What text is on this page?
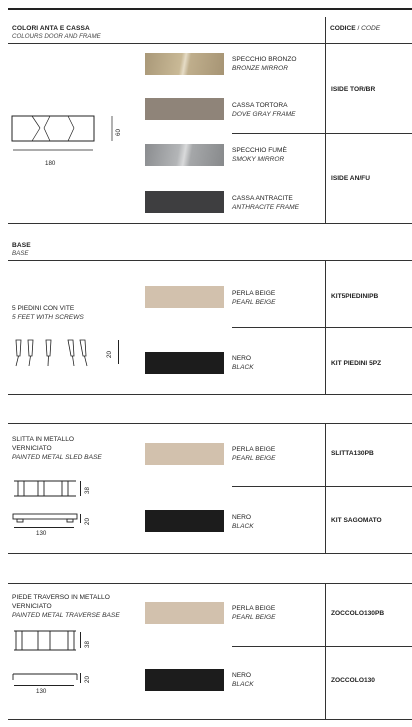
COLORI ANTA E CASSA
COLOURS DOOR AND FRAME
CODICE / CODE
180
60
SPECCHIO BRONZO
BRONZE MIRROR
CASSA TORTORA
DOVE GRAY FRAME
SPECCHIO FUMÈ
SMOKY MIRROR
CASSA ANTRACITE
ANTHRACITE FRAME
ISIDE TOR/BR
ISIDE AN/FU
BASE
BASE
5 PIEDINI CON VITE
5 FEET WITH SCREWS
20
PERLA BEIGE
PEARL BEIGE
NERO
BLACK
KIT5PIEDINIPB
KIT PIEDINI 5PZ
SLITTA IN METALLO
VERNICIATO
PAINTED METAL SLED BASE
38
20
130
PERLA BEIGE
PEARL BEIGE
NERO
BLACK
SLITTA130PB
KIT SAGOMATO
PIEDE TRAVERSO IN METALLO
VERNICIATO
PAINTED METAL TRAVERSE BASE
38
20
130
PERLA BEIGE
PEARL BEIGE
NERO
BLACK
ZOCCOLO130PB
ZOCCOLO130
